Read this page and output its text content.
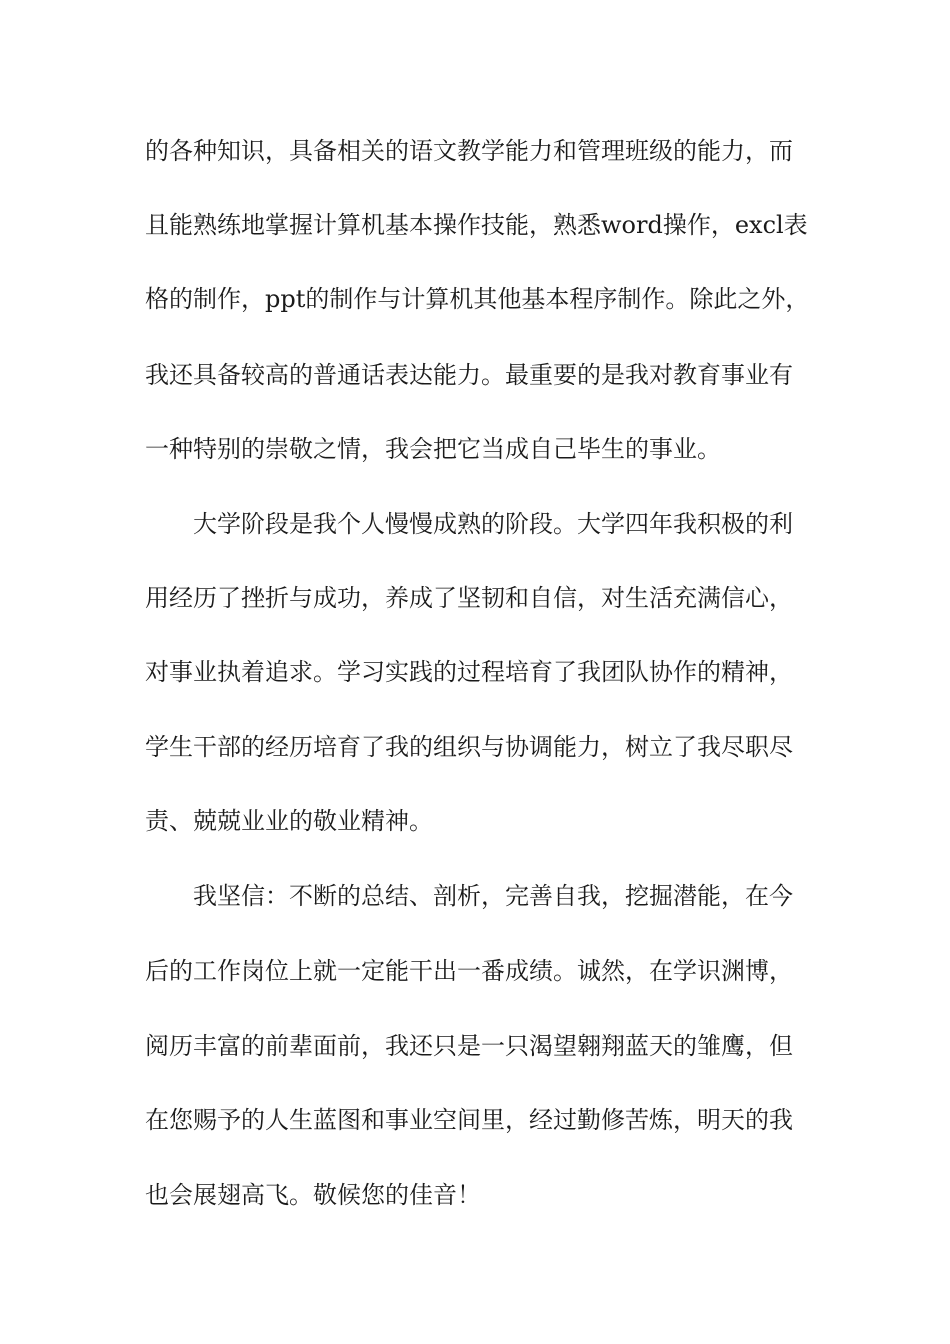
的各种知识，具备相关的语文教学能力和管理班级的能力，而
且能熟练地掌握计算机基本操作技能，熟悉word操作，excl表
格的制作，ppt的制作与计算机其他基本程序制作。除此之外，
我还具备较高的普通话表达能力。最重要的是我对教育事业有
一种特别的崇敬之情，我会把它当成自己毕生的事业。
　　大学阶段是我个人慢慢成熟的阶段。大学四年我积极的利
用经历了挫折与成功，养成了坚韧和自信，对生活充满信心，
对事业执着追求。学习实践的过程培育了我团队协作的精神，
学生干部的经历培育了我的组织与协调能力，树立了我尽职尽
责、兢兢业业的敬业精神。
　　我坚信：不断的总结、剖析，完善自我，挖掘潜能，在今
后的工作岗位上就一定能干出一番成绩。诚然，在学识渊博，
阅历丰富的前辈面前，我还只是一只渴望翱翔蓝天的雏鹰，但
在您赐予的人生蓝图和事业空间里，经过勤修苦炼，明天的我
也会展翅高飞。敬候您的佳音！
